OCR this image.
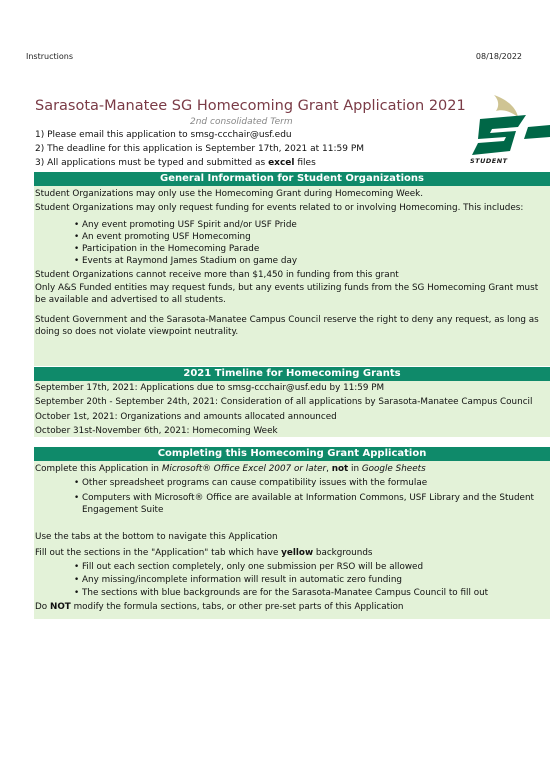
Instructions	08/18/2022
Sarasota-Manatee SG Homecoming Grant Application 2021
2nd consolidated Term
1) Please email this application to smsg-ccchair@usf.edu
2) The deadline for this application is September 17th, 2021 at 11:59 PM
3) All applications must be typed and submitted as excel files	STUDENT
General Information for Student Organizations
Student Organizations may only use the Homecoming Grant during Homecoming Week.
Student Organizations may only request funding for events related to or involving Homecoming. This includes:
• Any event promoting USF Spirit and/or USF Pride
• An event promoting USF Homecoming
• Participation in the Homecoming Parade
• Events at Raymond James Stadium on game day
Student Organizations cannot receive more than $1,450 in funding from this grant
Only A&S Funded entities may request funds, but any events utilizing funds from the SG Homecoming Grant must be available and advertised to all students.
Student Government and the Sarasota-Manatee Campus Council reserve the right to deny any request, as long as doing so does not violate viewpoint neutrality.
2021 Timeline for Homecoming Grants
September 17th, 2021: Applications due to smsg-ccchair@usf.edu by 11:59 PM
September 20th - September 24th, 2021: Consideration of all applications by Sarasota-Manatee Campus Council
October 1st, 2021: Organizations and amounts allocated announced
October 31st-November 6th, 2021: Homecoming Week
Completing this Homecoming Grant Application
Complete this Application in Microsoft® Office Excel 2007 or later, not in Google Sheets
• Other spreadsheet programs can cause compatibility issues with the formulae
• Computers with Microsoft® Office are available at Information Commons, USF Library and the Student Engagement Suite
Use the tabs at the bottom to navigate this Application
Fill out the sections in the "Application" tab which have yellow backgrounds
• Fill out each section completely, only one submission per RSO will be allowed
• Any missing/incomplete information will result in automatic zero funding
• The sections with blue backgrounds are for the Sarasota-Manatee Campus Council to fill out
Do NOT modify the formula sections, tabs, or other pre-set parts of this Application
